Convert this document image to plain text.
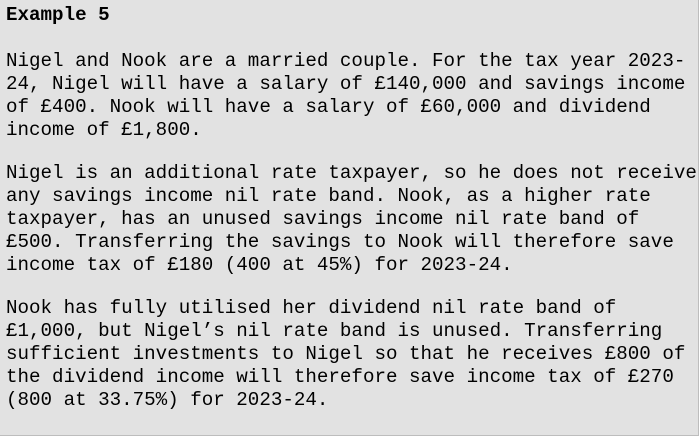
Example 5
Nigel and Nook are a married couple. For the tax year 2023-
24, Nigel will have a salary of £140,000 and savings income
of £400. Nook will have a salary of £60,000 and dividend
income of £1,800.
Nigel is an additional rate taxpayer, so he does not receive
any savings income nil rate band. Nook, as a higher rate
taxpayer, has an unused savings income nil rate band of
£500. Transferring the savings to Nook will therefore save
income tax of £180 (400 at 45%) for 2023-24.
Nook has fully utilised her dividend nil rate band of
£1,000, but Nigel’s nil rate band is unused. Transferring
sufficient investments to Nigel so that he receives £800 of
the dividend income will therefore save income tax of £270
(800 at 33.75%) for 2023-24.
